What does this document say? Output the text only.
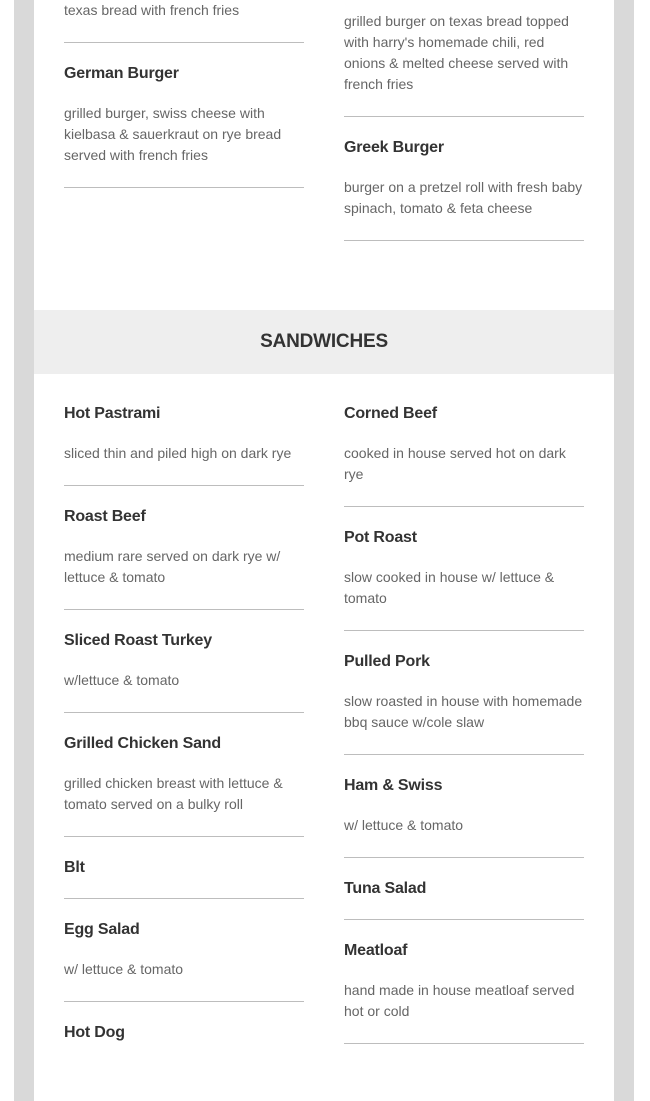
texas bread with french fries
German Burger
grilled burger, swiss cheese with kielbasa & sauerkraut on rye bread served with french fries
grilled burger on texas bread topped with harry's homemade chili, red onions & melted cheese served with french fries
Greek Burger
burger on a pretzel roll with fresh baby spinach, tomato & feta cheese
SANDWICHES
Hot Pastrami
sliced thin and piled high on dark rye
Roast Beef
medium rare served on dark rye w/ lettuce & tomato
Sliced Roast Turkey
w/lettuce & tomato
Grilled Chicken Sand
grilled chicken breast with lettuce & tomato served on a bulky roll
Blt
Egg Salad
w/ lettuce & tomato
Hot Dog
Corned Beef
cooked in house served hot on dark rye
Pot Roast
slow cooked in house w/ lettuce & tomato
Pulled Pork
slow roasted in house with homemade bbq sauce w/cole slaw
Ham & Swiss
w/ lettuce & tomato
Tuna Salad
Meatloaf
hand made in house meatloaf served hot or cold
